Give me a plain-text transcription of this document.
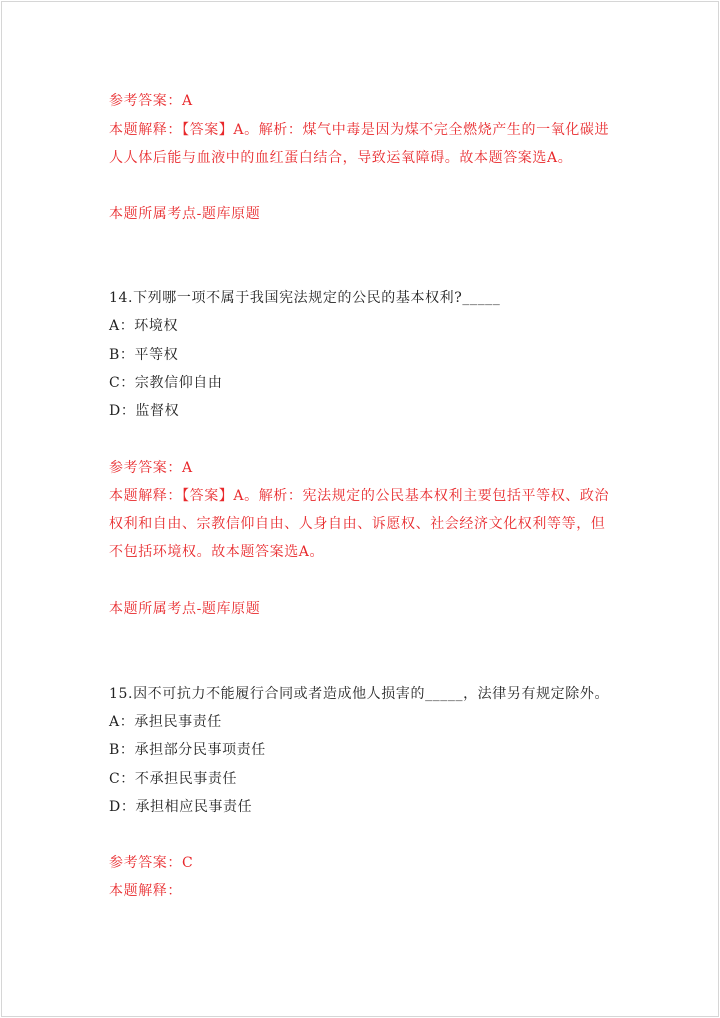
参考答案：A
本题解释：【答案】A。解析：煤气中毒是因为煤不完全燃烧产生的一氧化碳进
人人体后能与血液中的血红蛋白结合，导致运氧障碍。故本题答案选A。
本题所属考点-题库原题
14.下列哪一项不属于我国宪法规定的公民的基本权利?_____
A：环境权
B：平等权
C：宗教信仰自由
D：监督权
参考答案：A
本题解释：【答案】A。解析：宪法规定的公民基本权利主要包括平等权、政治
权利和自由、宗教信仰自由、人身自由、诉愿权、社会经济文化权利等等，但
不包括环境权。故本题答案选A。
本题所属考点-题库原题
15.因不可抗力不能履行合同或者造成他人损害的_____，法律另有规定除外。
A：承担民事责任
B：承担部分民事项责任
C：不承担民事责任
D：承担相应民事责任
参考答案：C
本题解释：
